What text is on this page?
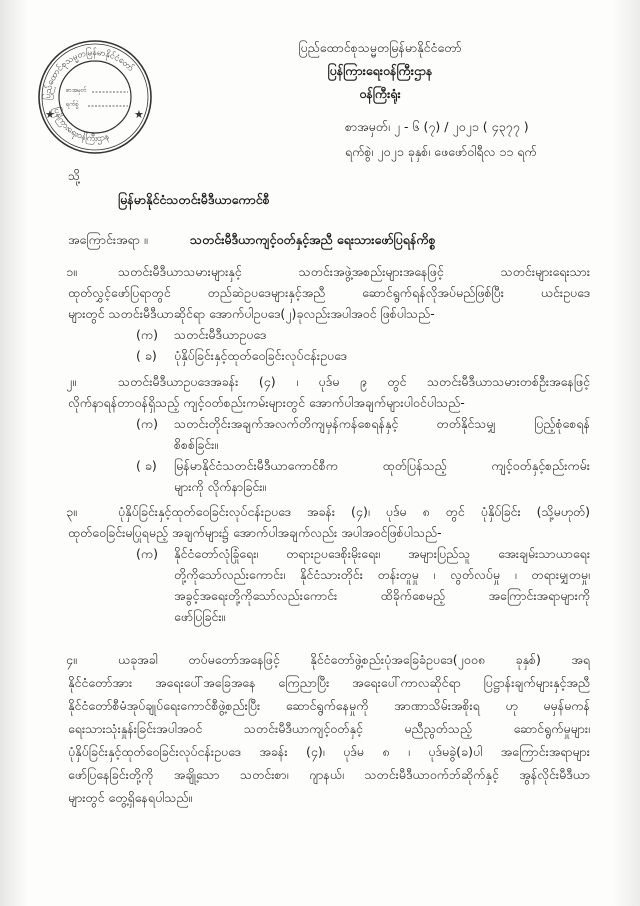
ပြည်ထောင်စုသမ္မတမြန်မာနိုင်ငံတော်
ပြန်ကြားရေးဝန်ကြီးဌာန
စာအမှတ်
ရက်စွဲ
★	★
ပြည်ထောင်စုသမ္မတမြန်မာနိုင်ငံတော်
ပြန်ကြားရေးဝန်ကြီးဌာန
ဝန်ကြီးရုံး
စာအမှတ်၊ ၂ - ၆ (၇) / ၂၀၂၁ ( ၄၃၇၇ )
ရက်စွဲ၊ ၂၀၂၁ ခုနှစ်၊ ဖေဖော်ဝါရီလ ၁၁ ရက်
သို့
မြန်မာနိုင်ငံသတင်းမီဒီယာကောင်စီ
အကြောင်းအရာ ။	သတင်းမီဒီယာကျင့်ဝတ်နှင့်အညီ ရေးသားဖော်ပြရန်ကိစ္စ
၁။	သတင်းမီဒီယာသမားများနှင့် သတင်းအဖွဲ့အစည်းများအနေဖြင့် သတင်းများရေးသား
ထုတ်လွှင့်ဖော်ပြရာတွင် တည်ဆဲဥပဒေများနှင့်အညီ ဆောင်ရွက်ရန်လိုအပ်မည်ဖြစ်ပြီး ယင်းဥပဒေ
များတွင် သတင်းမီဒီယာဆိုင်ရာ အောက်ပါဥပဒေ(၂)ခုလည်းအပါအဝင် ဖြစ်ပါသည်-
(က)	သတင်းမီဒီယာဥပဒေ
( ခ)	ပုံနှိပ်ခြင်းနှင့်ထုတ်ဝေခြင်းလုပ်ငန်းဥပဒေ
၂။	သတင်းမီဒီယာဥပဒေအခန်း (၄) ၊ ပုဒ်မ ၉ တွင် သတင်းမီဒီယာသမားတစ်ဦးအနေဖြင့်
လိုက်နာရန်တာဝန်ရှိသည့် ကျင့်ဝတ်စည်းကမ်းများတွင် အောက်ပါအချက်များပါဝင်ပါသည်-
(က)	သတင်းတိုင်းအချက်အလက်တိကျမှန်ကန်စေရန်နှင့် တတ်နိုင်သမျှ ပြည့်စုံစေရန်
စိစစ်ခြင်း။
( ခ)	မြန်မာနိုင်ငံသတင်းမီဒီယာကောင်စီက ထုတ်ပြန်သည့် ကျင့်ဝတ်နှင့်စည်းကမ်း
များကို လိုက်နာခြင်း။
၃။	ပုံနှိပ်ခြင်းနှင့်ထုတ်ဝေခြင်းလုပ်ငန်းဥပဒေ အခန်း (၄)၊ ပုဒ်မ ၈ တွင် ပုံနှိပ်ခြင်း (သို့မဟုတ်)
ထုတ်ဝေခြင်းမပြုရမည့် အချက်များ၌ အောက်ပါအချက်လည်း အပါအဝင်ဖြစ်ပါသည်-
(က)	နိုင်ငံတော်လုံခြုံရေး၊ တရားဥပဒေစိုးမိုးရေး၊ အများပြည်သူ အေးချမ်းသာယာရေး
တို့ကိုသော်လည်းကောင်း၊ နိုင်ငံသားတိုင်း တန်းတူမှု ၊ လွတ်လပ်မှု ၊ တရားမျှတမှု၊
အခွင့်အရေးတို့ကိုသော်လည်းကောင်း ထိခိုက်စေမည့် အကြောင်းအရာများကို
ဖော်ပြခြင်း။
၄။	ယခုအခါ တပ်မတော်အနေဖြင့် နိုင်ငံတော်ဖွဲ့စည်းပုံအခြေခံဥပဒေ(၂၀၀၈ ခုနှစ်) အရ
နိုင်ငံတော်အား အရေးပေါ်အခြေအနေ ကြေညာပြီး အရေးပေါ်ကာလဆိုင်ရာ ပြဋ္ဌာန်းချက်များနှင့်အညီ
နိုင်ငံတော်စီမံအုပ်ချုပ်ရေးကောင်စီဖွဲ့စည်းပြီး ဆောင်ရွက်နေမှုကို အာဏာသိမ်းအစိုးရ ဟု မမှန်မကန်
ရေးသားသုံးနှုန်းခြင်းအပါအဝင် သတင်းမီဒီယာကျင့်ဝတ်နှင့် မညီညွတ်သည့် ဆောင်ရွက်မှုများ၊
ပုံနှိပ်ခြင်းနှင့်ထုတ်ဝေခြင်းလုပ်ငန်းဥပဒေ အခန်း (၄)၊ ပုဒ်မ ၈ ၊ ပုဒ်မခွဲ(ခ)ပါ အကြောင်းအရာများ
ဖော်ပြနေခြင်းတို့ကို အချို့သော သတင်းစာ၊ ဂျာနယ်၊ သတင်းမီဒီယာဝက်ဘ်ဆိုက်နှင့် အွန်လိုင်းမီဒီယာ
များတွင် တွေ့ရှိနေရပါသည်။
